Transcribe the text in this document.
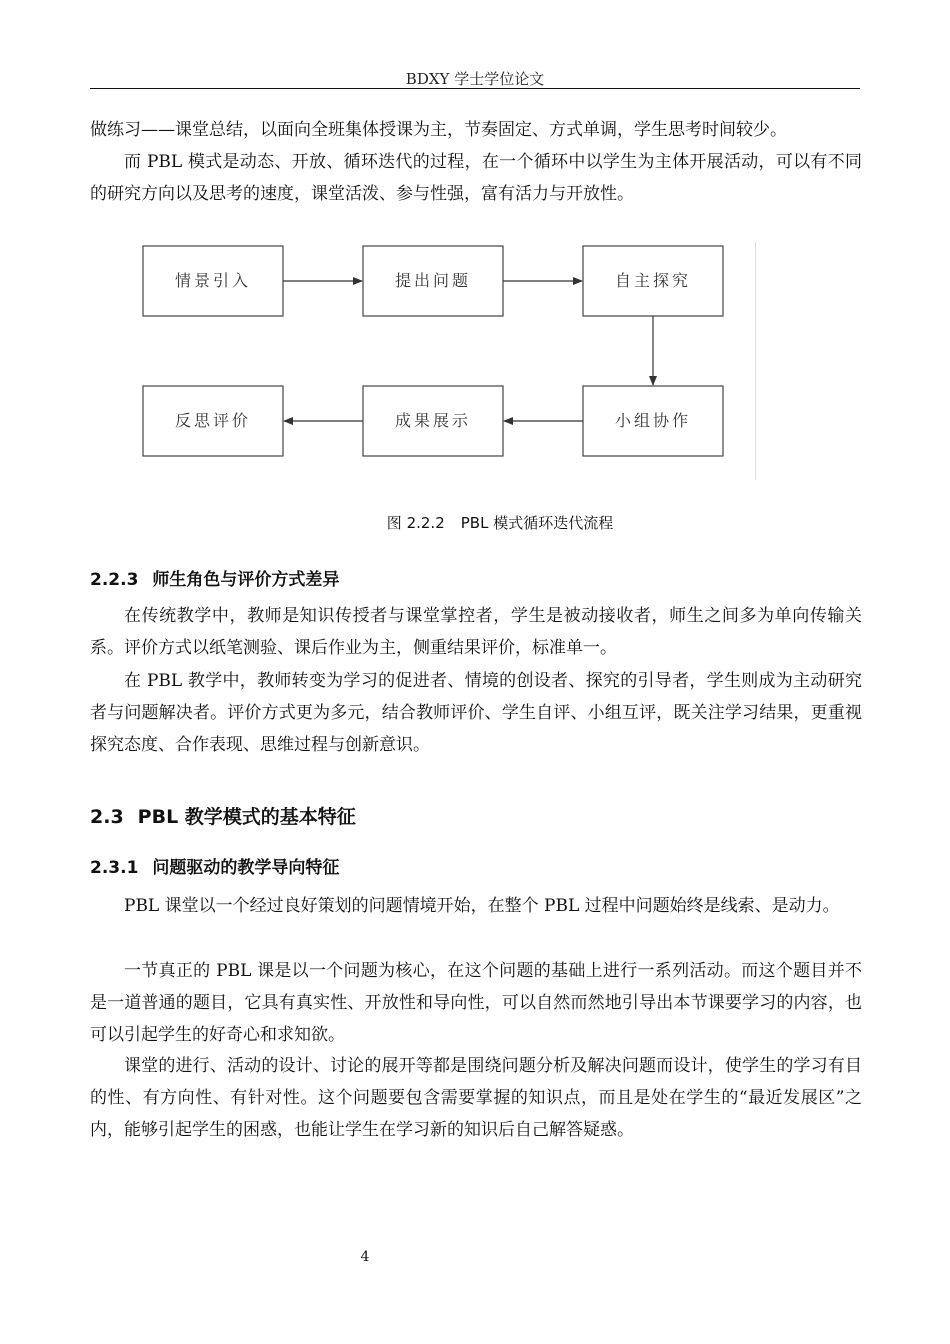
BDXY 学士学位论文

做练习——课堂总结，以面向全班集体授课为主，节奏固定、方式单调，学生思考时间较少。

而 PBL 模式是动态、开放、循环迭代的过程，在一个循环中以学生为主体开展活动，可以有不同的研究方向以及思考的速度，课堂活泼、参与性强，富有活力与开放性。

情景引入	提出问题	自主探究
小组协作
成果展示
反思评价
图 2.2.2 PBL 模式循环迭代流程
2.2.3 师生角色与评价方式差异

在传统教学中，教师是知识传授者与课堂掌控者，学生是被动接收者，师生之间多为单向传输关系。评价方式以纸笔测验、课后作业为主，侧重结果评价，标准单一。

在 PBL 教学中，教师转变为学习的促进者、情境的创设者、探究的引导者，学生则成为主动研究者与问题解决者。评价方式更为多元，结合教师评价、学生自评、小组互评，既关注学习结果，更重视探究态度、合作表现、思维过程与创新意识。

2.3 PBL 教学模式的基本特征
2.3.1 问题驱动的教学导向特征

PBL 课堂以一个经过良好策划的问题情境开始，在整个 PBL 过程中问题始终是线索、是动力。

一节真正的 PBL 课是以一个问题为核心，在这个问题的基础上进行一系列活动。而这个题目并不是一道普通的题目，它具有真实性、开放性和导向性，可以自然而然地引导出本节课要学习的内容，也可以引起学生的好奇心和求知欲。

课堂的进行、活动的设计、讨论的展开等都是围绕问题分析及解决问题而设计，使学生的学习有目的性、有方向性、有针对性。这个问题要包含需要掌握的知识点，而且是处在学生的“最近发展区”之内，能够引起学生的困惑，也能让学生在学习新的知识后自己解答疑惑。

4
